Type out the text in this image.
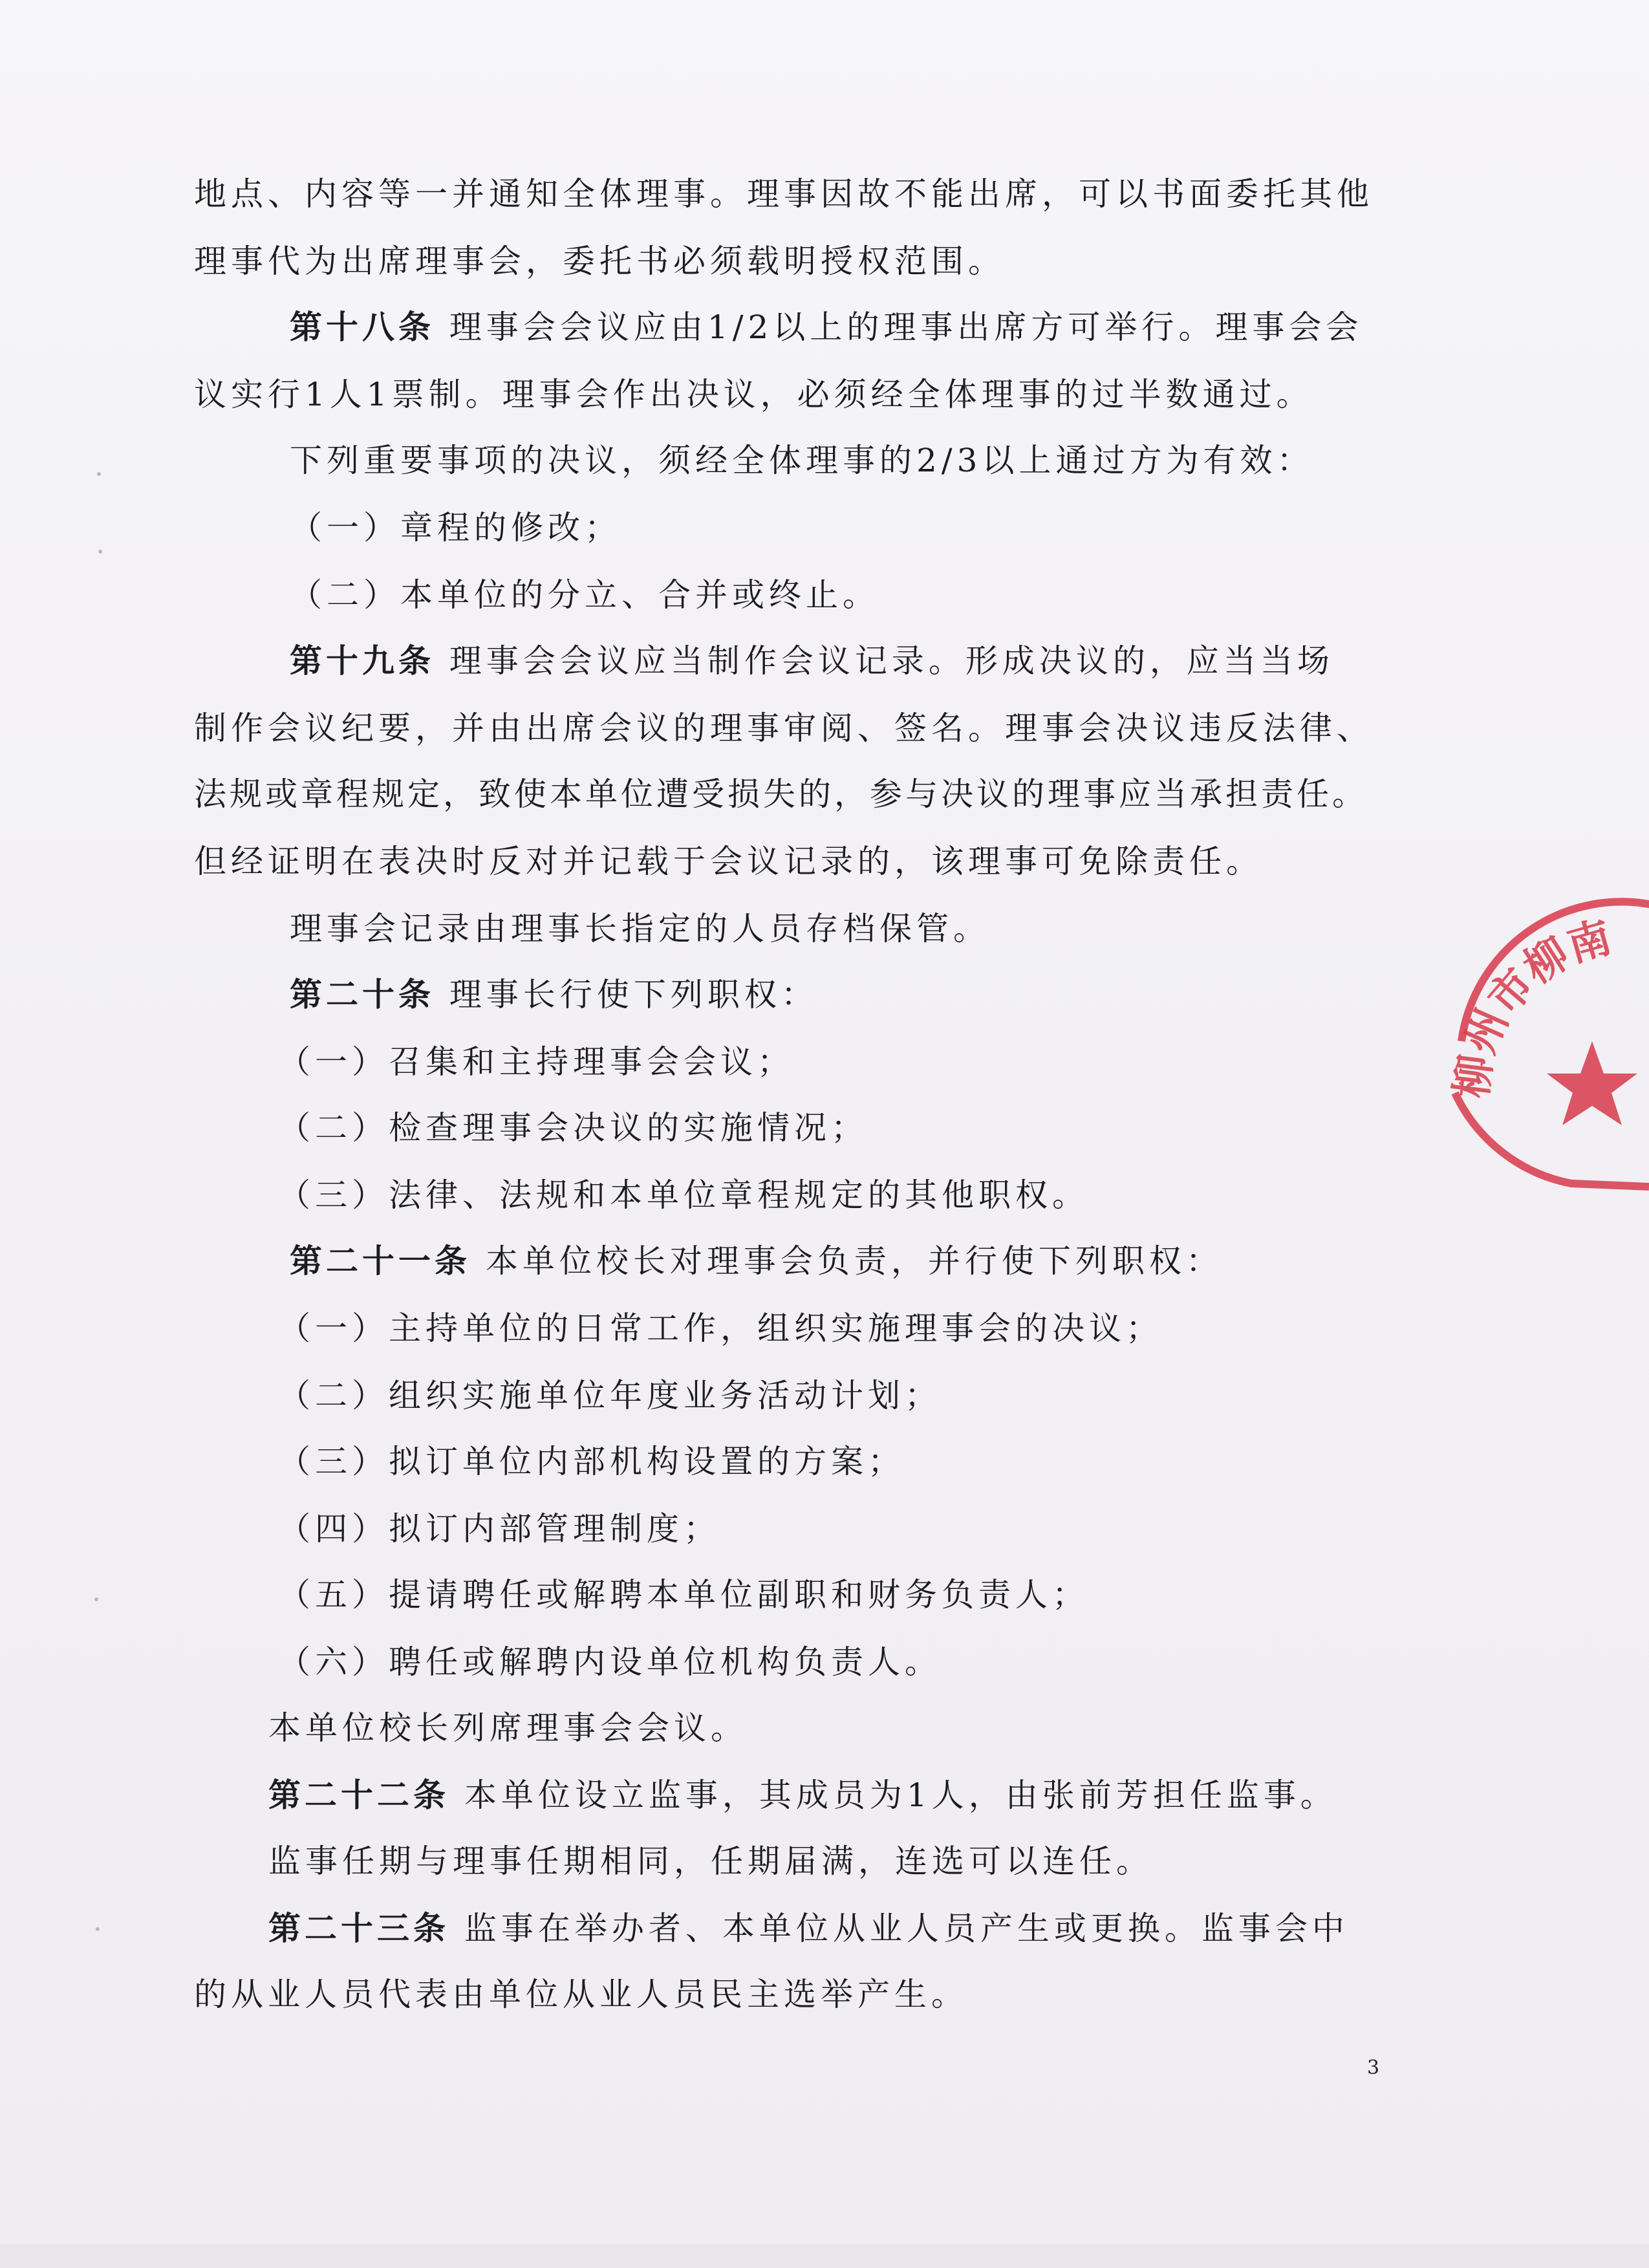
地点、内容等一并通知全体理事。理事因故不能出席，可以书面委托其他
理事代为出席理事会，委托书必须载明授权范围。
第十八条 理事会会议应由1/2以上的理事出席方可举行。理事会会
议实行1人1票制。理事会作出决议，必须经全体理事的过半数通过。
下列重要事项的决议，须经全体理事的2/3以上通过方为有效：
（一）章程的修改；
（二）本单位的分立、合并或终止。
第十九条 理事会会议应当制作会议记录。形成决议的，应当当场
制作会议纪要，并由出席会议的理事审阅、签名。理事会决议违反法律、
法规或章程规定，致使本单位遭受损失的，参与决议的理事应当承担责任。
但经证明在表决时反对并记载于会议记录的，该理事可免除责任。
理事会记录由理事长指定的人员存档保管。
第二十条 理事长行使下列职权：
（一）召集和主持理事会会议；
（二）检查理事会决议的实施情况；
（三）法律、法规和本单位章程规定的其他职权。
第二十一条 本单位校长对理事会负责，并行使下列职权：
（一）主持单位的日常工作，组织实施理事会的决议；
（二）组织实施单位年度业务活动计划；
（三）拟订单位内部机构设置的方案；
（四）拟订内部管理制度；
（五）提请聘任或解聘本单位副职和财务负责人；
（六）聘任或解聘内设单位机构负责人。
本单位校长列席理事会会议。
第二十二条 本单位设立监事，其成员为1人，由张前芳担任监事。
监事任期与理事任期相同，任期届满，连选可以连任。
第二十三条 监事在举办者、本单位从业人员产生或更换。监事会中
的从业人员代表由单位从业人员民主选举产生。
3
柳州市柳南
